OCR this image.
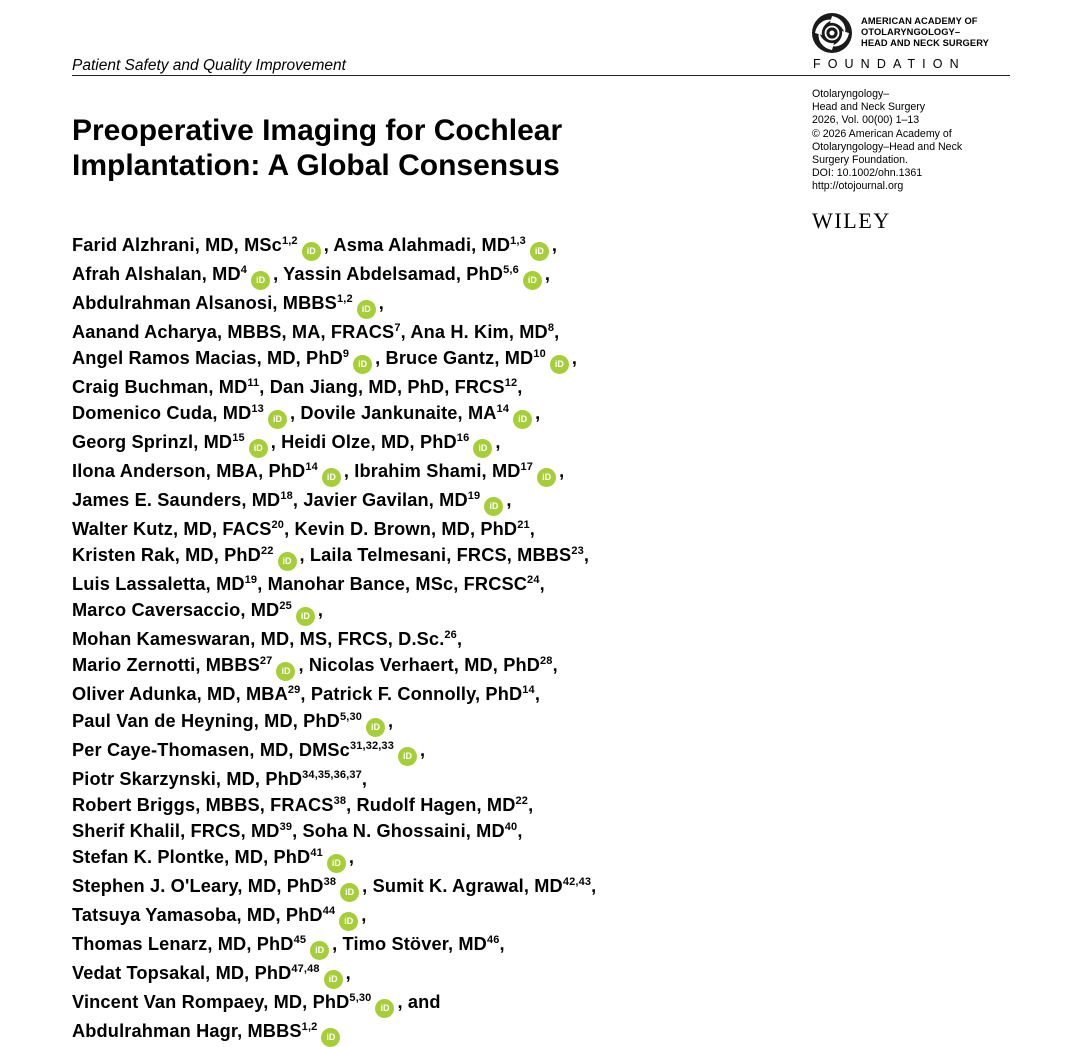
Patient Safety and Quality Improvement
AMERICAN ACADEMY OF
OTOLARYNGOLOGY–
HEAD AND NECK SURGERY
FOUNDATION
Preoperative Imaging for Cochlear
Implantation: A Global Consensus
Otolaryngology–
Head and Neck Surgery
2026, Vol. 00(00) 1–13
© 2026 American Academy of
Otolaryngology–Head and Neck
Surgery Foundation.
DOI: 10.1002/ohn.1361
http://otojournal.org
WILEY
Farid Alzhrani, MD, MSc$^{1,2}$iD , Asma Alahmadi, MD$^{1,3}$iD ,
Afrah Alshalan, $MD^4iD$ , Yassin Abdelsamad, PhD$^{5,6}$iD ,
Abdulrahman Alsanosi, MBBS$^{1,2}$iD ,
Aanand Acharya, MBBS, MA, FRACS$^7$, Ana H. Kim, $MD^8$,
Angel Ramos Macias, MD, PhD$^9$iD , Bruce Gantz, MD$^{10}$iD ,
Craig Buchman, MD$^{11}$, Dan Jiang, MD, PhD, FRCS$^{12}$,
Domenico Cuda, MD$^{13}$iD , Dovile Jankunaite, MA$^{14}$iD ,
Georg Sprinzl, MD$^{15}$iD , Heidi Olze, MD, PhD$^{16}$iD ,
Ilona Anderson, MBA, PhD$^{14}$iD , Ibrahim Shami, MD$^{17}$iD ,
James E. Saunders, MD$^{18}$, Javier Gavilan, MD$^{19}$iD ,
Walter Kutz, MD, FACS$^{20}$, Kevin D. Brown, MD, PhD$^{21}$,
Kristen Rak, MD, PhD$^{22}$iD , Laila Telmesani, FRCS, MBBS$^{23}$,
Luis Lassaletta, MD$^{19}$, Manohar Bance, MSc, FRCSC$^{24}$,
Marco Caversaccio, MD$^{25}$iD ,
Mohan Kameswaran, MD, MS, FRCS, D.Sc.$^{26}$,
Mario Zernotti, MBBS$^{27}$iD , Nicolas Verhaert, MD, PhD$^{28}$,
Oliver Adunka, MD, MBA$^{29}$, Patrick F. Connolly, PhD$^{14}$,
Paul Van de Heyning, MD, PhD$^{5,30}$iD ,
Per Caye-Thomasen, MD, DMSc$^{31,32,33}$iD ,
Piotr Skarzynski, MD, PhD$^{34,35,36,37}$,
Robert Briggs, MBBS, FRACS$^{38}$, Rudolf Hagen, MD$^{22}$,
Sherif Khalil, FRCS, MD$^{39}$, Soha N. Ghossaini, MD$^{40}$,
Stefan K. Plontke, MD, PhD$^{41}$iD ,
Stephen J. O'Leary, MD, PhD$^{38}$iD , Sumit K. Agrawal, MD$^{42,43}$,
Tatsuya Yamasoba, MD, PhD$^{44}$iD ,
Thomas Lenarz, MD, PhD$^{45}$iD , Timo Stöver, MD$^{46}$,
Vedat Topsakal, MD, PhD$^{47,48}$iD ,
Vincent Van Rompaey, MD, PhD$^{5,30}$iD , and
Abdulrahman Hagr, MBBS$^{1,2}$iD
